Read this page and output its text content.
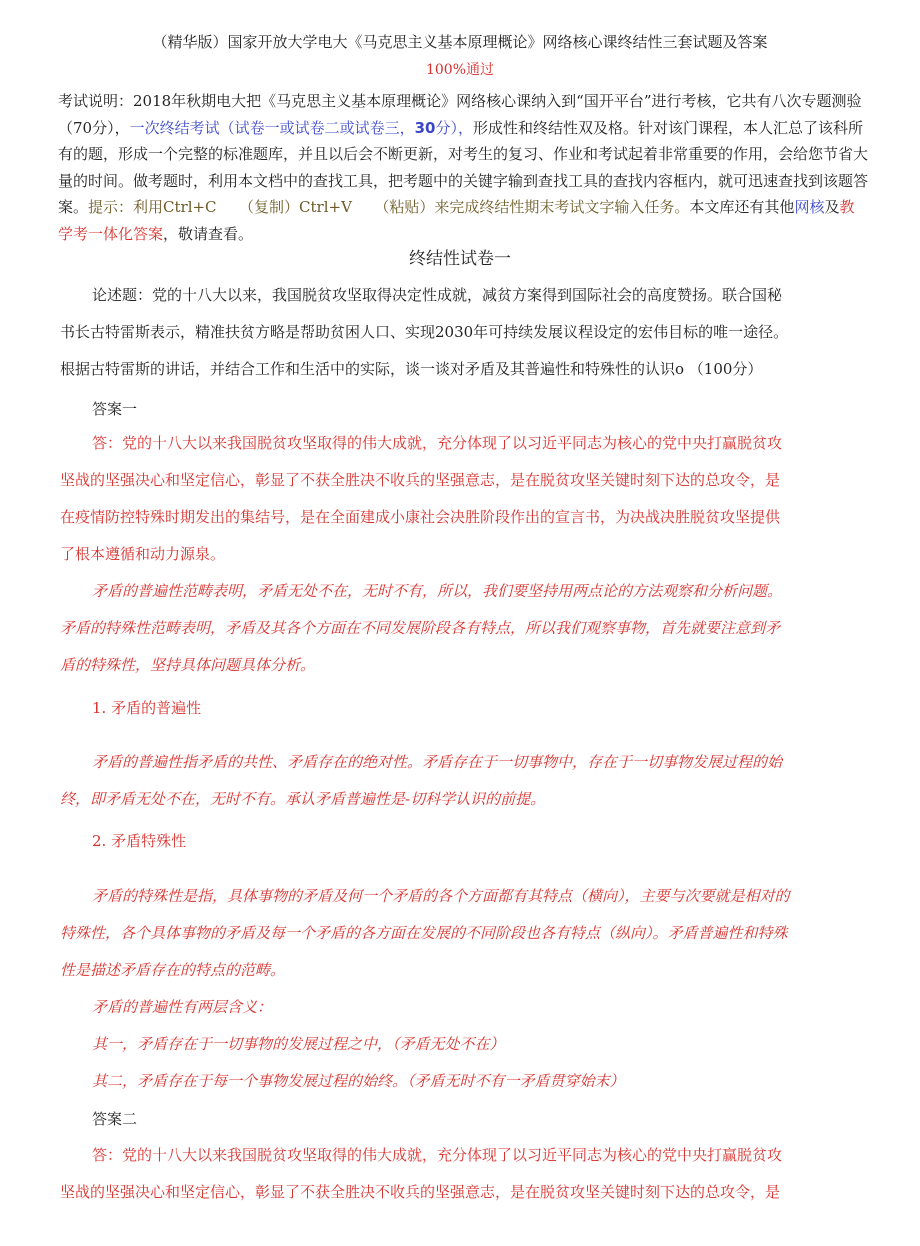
（精华版）国家开放大学电大《马克思主义基本原理概论》网络核心课终结性三套试题及答案
100%通过
考试说明：2018年秋期电大把《马克思主义基本原理概论》网络核心课纳入到“国开平台”进行考核，它共有八次专题测验（70分），一次终结考试（试卷一或试卷二或试卷三，30分），形成性和终结性双及格。针对该门课程，本人汇总了该科所有的题，形成一个完整的标准题库，并且以后会不断更新，对考生的复习、作业和考试起着非常重要的作用，会给您节省大量的时间。做考题时，利用本文档中的查找工具，把考题中的关键字输到查找工具的查找内容框内，就可迅速查找到该题答案。提示：利用Ctrl+C　　（复制）Ctrl+V　　（粘贴）来完成终结性期末考试文字输入任务。本文库还有其他网核及教学考一体化答案，敬请查看。
终结性试卷一
论述题：党的十八大以来，我国脱贫攻坚取得决定性成就，减贫方案得到国际社会的高度赞扬。联合国秘
书长古特雷斯表示，精准扶贫方略是帮助贫困人口、实现2030年可持续发展议程设定的宏伟目标的唯一途径。
根据古特雷斯的讲话，并结合工作和生活中的实际，谈一谈对矛盾及其普遍性和特殊性的认识o （100分）
答案一
答：党的十八大以来我国脱贫攻坚取得的伟大成就，充分体现了以习近平同志为核心的党中央打赢脱贫攻
坚战的坚强决心和坚定信心，彰显了不获全胜决不收兵的坚强意志，是在脱贫攻坚关键时刻下达的总攻令，是
在疫情防控特殊时期发出的集结号，是在全面建成小康社会决胜阶段作出的宣言书，为决战决胜脱贫攻坚提供
了根本遵循和动力源泉。
矛盾的普遍性范畴表明，矛盾无处不在，无时不有，所以，我们要坚持用两点论的方法观察和分析问题。
矛盾的特殊性范畴表明，矛盾及其各个方面在不同发展阶段各有特点，所以我们观察事物，首先就要注意到矛
盾的特殊性，坚持具体问题具体分析。
1. 矛盾的普遍性
矛盾的普遍性指矛盾的共性、矛盾存在的绝对性。矛盾存在于一切事物中，存在于一切事物发展过程的始
终，即矛盾无处不在，无时不有。承认矛盾普遍性是-切科学认识的前提。
2. 矛盾特殊性
矛盾的特殊性是指，具体事物的矛盾及何一个矛盾的各个方面都有其特点（横向），主要与次要就是相对的
特殊性，各个具体事物的矛盾及每一个矛盾的各方面在发展的不同阶段也各有特点（纵向）。矛盾普遍性和特殊
性是描述矛盾存在的特点的范畴。
矛盾的普遍性有两层含义：
其一，矛盾存在于一切事物的发展过程之中，（矛盾无处不在）
其二，矛盾存在于每一个事物发展过程的始终。（矛盾无时不有一矛盾贯穿始末）
答案二
答：党的十八大以来我国脱贫攻坚取得的伟大成就，充分体现了以习近平同志为核心的党中央打赢脱贫攻
坚战的坚强决心和坚定信心，彰显了不获全胜决不收兵的坚强意志，是在脱贫攻坚关键时刻下达的总攻令，是
